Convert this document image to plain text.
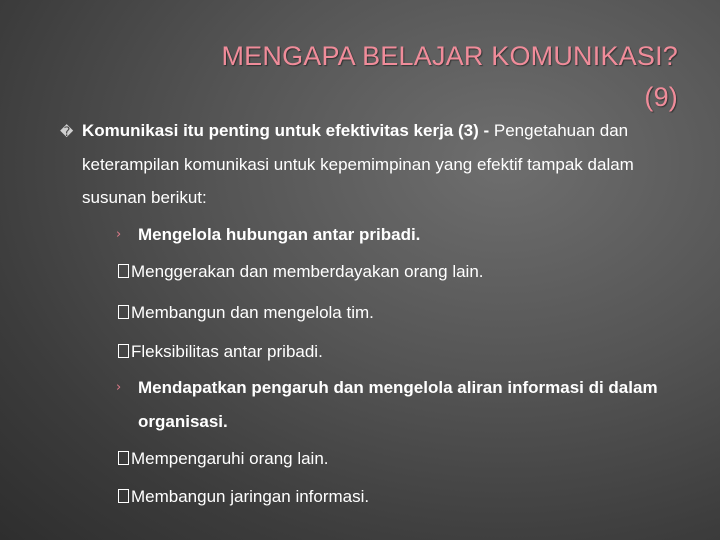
MENGAPA BELAJAR KOMUNIKASI?
(9)
� Komunikasi itu penting untuk efektivitas kerja (3) - Pengetahuan dan
keterampilan komunikasi untuk kepemimpinan yang efektif tampak dalam
susunan berikut:
› Mengelola hubungan antar pribadi.
Menggerakan dan memberdayakan orang lain.
Membangun dan mengelola tim.
Fleksibilitas antar pribadi.
› Mendapatkan pengaruh dan mengelola aliran informasi di dalam
organisasi.
Mempengaruhi orang lain.
Membangun jaringan informasi.
